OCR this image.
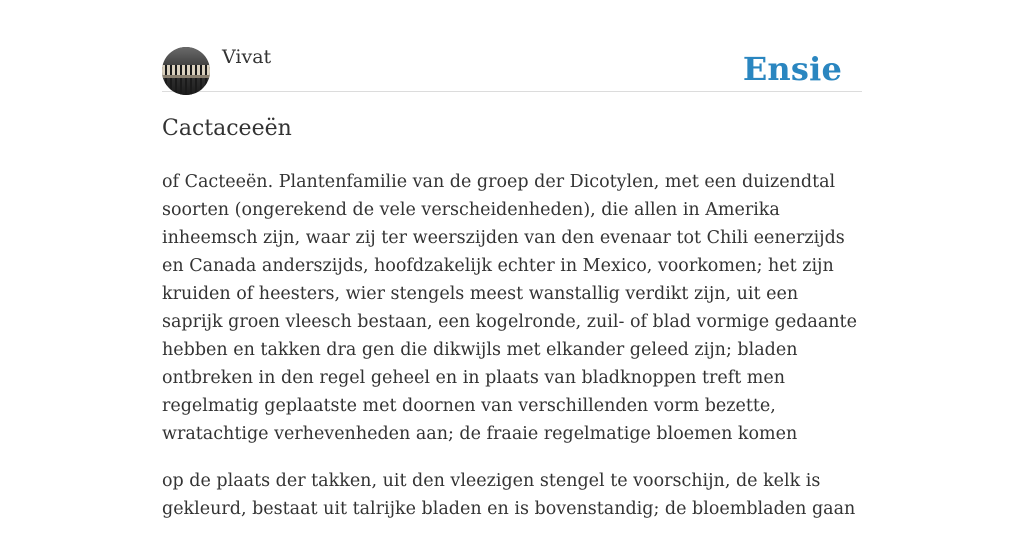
Vivat	Ensie
Cactaceeën

of Cacteeën. Plantenfamilie van de groep der Dicotylen, met een duizendtal soorten (ongerekend de vele verscheidenheden), die allen in Amerika inheemsch zijn, waar zij ter weerszijden van den evenaar tot Chili eenerzijds en Canada anderszijds, hoofdzakelijk echter in Mexico, voorkomen; het zijn kruiden of heesters, wier stengels meest wanstallig verdikt zijn, uit een saprijk groen vleesch bestaan, een kogelronde, zuil- of blad vormige gedaante hebben en takken dra gen die dikwijls met elkander geleed zijn; bladen ontbreken in den regel geheel en in plaats van bladknoppen treft men regelmatig geplaatste met doornen van verschillenden vorm bezette, wratachtige verhevenheden aan; de fraaie regelmatige bloemen komen

op de plaats der takken, uit den vleezigen stengel te voorschijn, de kelk is gekleurd, bestaat uit talrijke bladen en is bovenstandig; de bloembladen gaan
